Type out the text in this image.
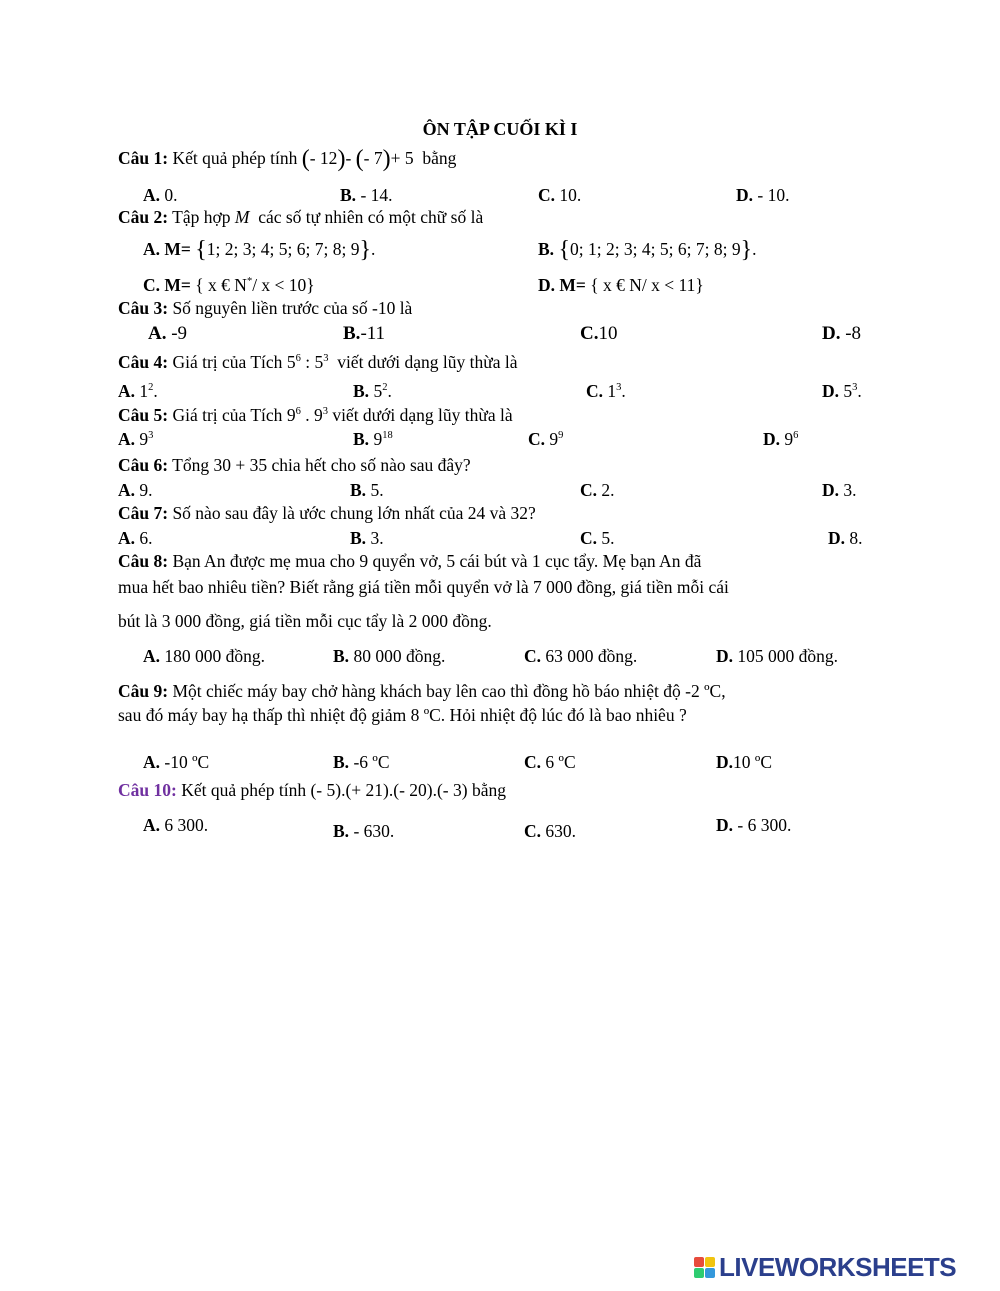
ÔN TẬP CUỐI KÌ I
Câu 1: Kết quả phép tính (- 12)- (- 7)+ 5 bằng
A. 0.	B. - 14.	C. 10.	D. - 10.
Câu 2: Tập hợp M các số tự nhiên có một chữ số là
A. M= {1; 2; 3; 4; 5; 6; 7; 8; 9}.	B. {0; 1; 2; 3; 4; 5; 6; 7; 8; 9}.
C. M= { x € N*/ x < 10}	D. M= { x € N/ x < 11}
Câu 3: Số nguyên liền trước của số -10 là
A. -9	B.-11	C.10	D. -8
Câu 4: Giá trị của Tích $5^6$ : $5^3$ viết dưới dạng lũy thừa là
A. $1^2$.	B. $5^2$.	C. $1^3$.	D. $5^3$.
Câu 5: Giá trị của Tích $9^6$ . $9^3$ viết dưới dạng lũy thừa là
A. $9^3$	B. $9^{18}$	C. $9^9$	D. $9^6$
Câu 6: Tổng 30 + 35 chia hết cho số nào sau đây?
A. 9.	B. 5.	C. 2.	D. 3.
Câu 7: Số nào sau đây là ước chung lớn nhất của 24 và 32?
A. 6.	B. 3.	C. 5.	D. 8.
Câu 8: Bạn An được mẹ mua cho 9 quyển vở, 5 cái bút và 1 cục tẩy. Mẹ bạn An đã
mua hết bao nhiêu tiền? Biết rằng giá tiền mỗi quyển vở là 7 000 đồng, giá tiền mỗi cái
bút là 3 000 đồng, giá tiền mỗi cục tẩy là 2 000 đồng.
A. 180 000 đồng.	B. 80 000 đồng.	C. 63 000 đồng.	D. 105 000 đồng.
Câu 9: Một chiếc máy bay chở hàng khách bay lên cao thì đồng hồ báo nhiệt độ -2 ºC,
sau đó máy bay hạ thấp thì nhiệt độ giảm 8 ºC. Hỏi nhiệt độ lúc đó là bao nhiêu ?
A. -10 ºC	B. -6 ºC	C. 6 ºC	D.10 ºC
Câu 10: Kết quả phép tính (- 5).(+ 21).(- 20).(- 3) bằng
A. 6 300.	B. - 630.	C. 630.	D. - 6 300.
LIVEWORKSHEETS
